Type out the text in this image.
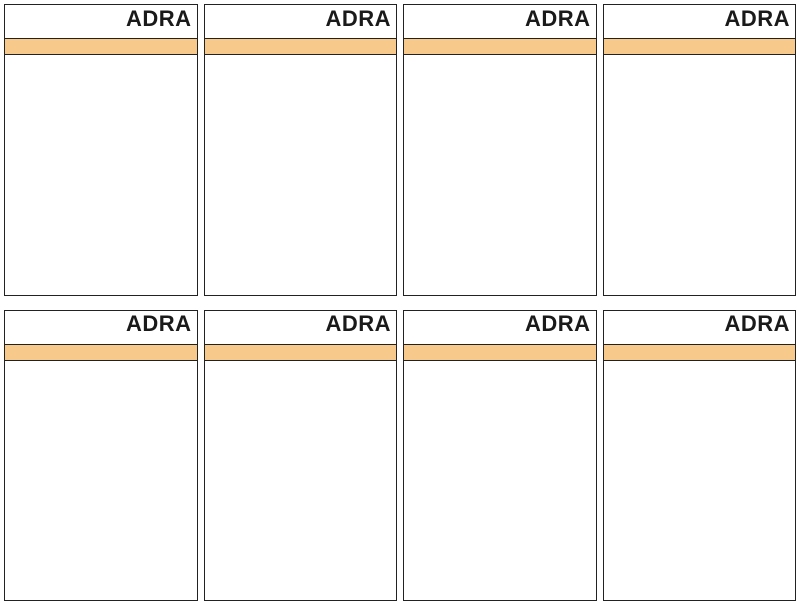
ADRA	ADRA	ADRA	ADRA

ADRA	ADRA	ADRA	ADRA
